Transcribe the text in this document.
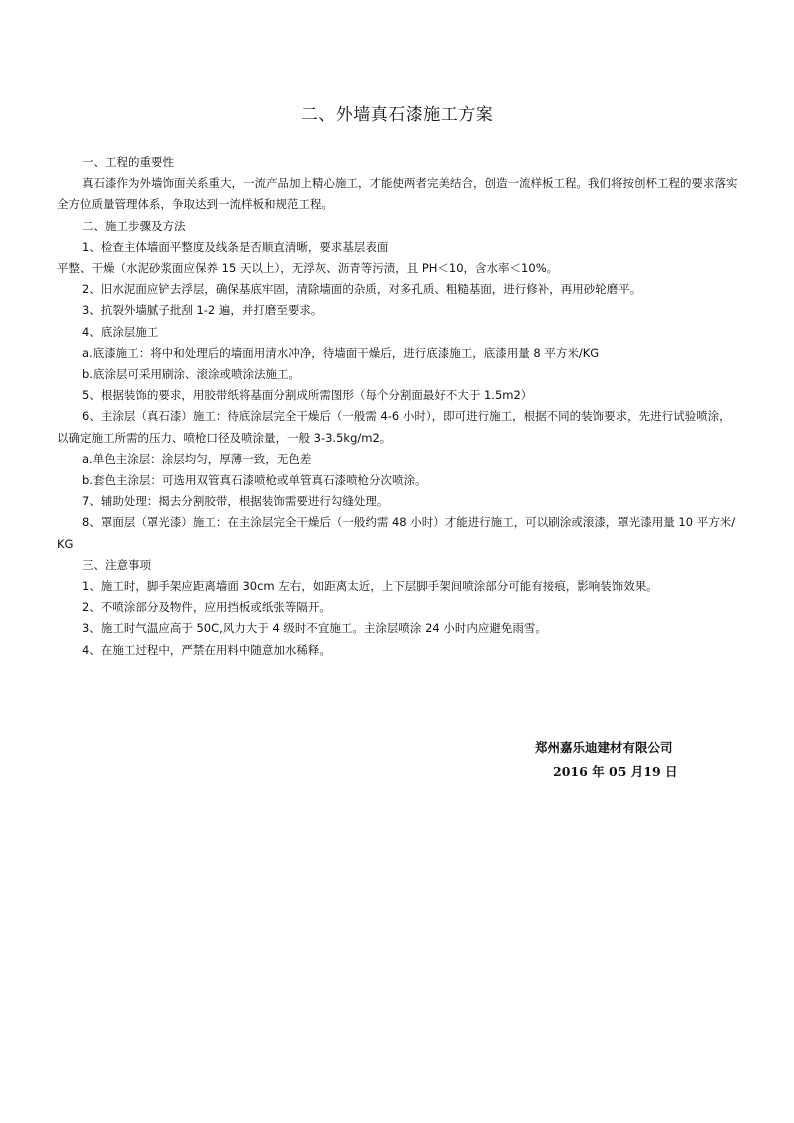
二、外墙真石漆施工方案

一、工程的重要性

真石漆作为外墙饰面关系重大，一流产品加上精心施工，才能使两者完美结合，创造一流样板工程。我们将按创杯工程的要求落实全方位质量管理体系，争取达到一流样板和规范工程。

二、施工步骤及方法

1、检查主体墙面平整度及线条是否顺直清晰，要求基层表面

平整、干燥（水泥砂浆面应保养 15 天以上），无浮灰、沥青等污渍，且 PH＜10，含水率＜10%。

2、旧水泥面应铲去浮层，确保基底牢固，清除墙面的杂质，对多孔质、粗糙基面，进行修补，再用砂轮磨平。

3、抗裂外墙腻子批刮 1-2 遍，并打磨至要求。

4、底涂层施工

a.底漆施工：将中和处理后的墙面用清水冲净，待墙面干燥后，进行底漆施工，底漆用量 8 平方米/KG

b.底涂层可采用刷涂、滚涂或喷涂法施工。

5、根据装饰的要求，用胶带纸将基面分割成所需图形（每个分割面最好不大于 1.5m2）

6、主涂层（真石漆）施工：待底涂层完全干燥后（一般需 4-6 小时），即可进行施工，根据不同的装饰要求，先进行试验喷涂，以确定施工所需的压力、喷枪口径及喷涂量，一般 3-3.5kg/m2。

a.单色主涂层：涂层均匀，厚薄一致，无色差

b.套色主涂层：可选用双管真石漆喷枪或单管真石漆喷枪分次喷涂。

7、辅助处理：揭去分割胶带，根据装饰需要进行勾缝处理。

8、罩面层（罩光漆）施工：在主涂层完全干燥后（一般约需 48 小时）才能进行施工，可以刷涂或滚漆，罩光漆用量 10 平方米/KG

三、注意事项

1、施工时，脚手架应距离墙面 30cm 左右，如距离太近，上下层脚手架间喷涂部分可能有接痕，影响装饰效果。

2、不喷涂部分及物件，应用挡板或纸张等隔开。

3、施工时气温应高于 50C,风力大于 4 级时不宜施工。主涂层喷涂 24 小时内应避免雨雪。

4、在施工过程中，严禁在用料中随意加水稀释。

郑州嘉乐迪建材有限公司
2016 年 05 月19 日
